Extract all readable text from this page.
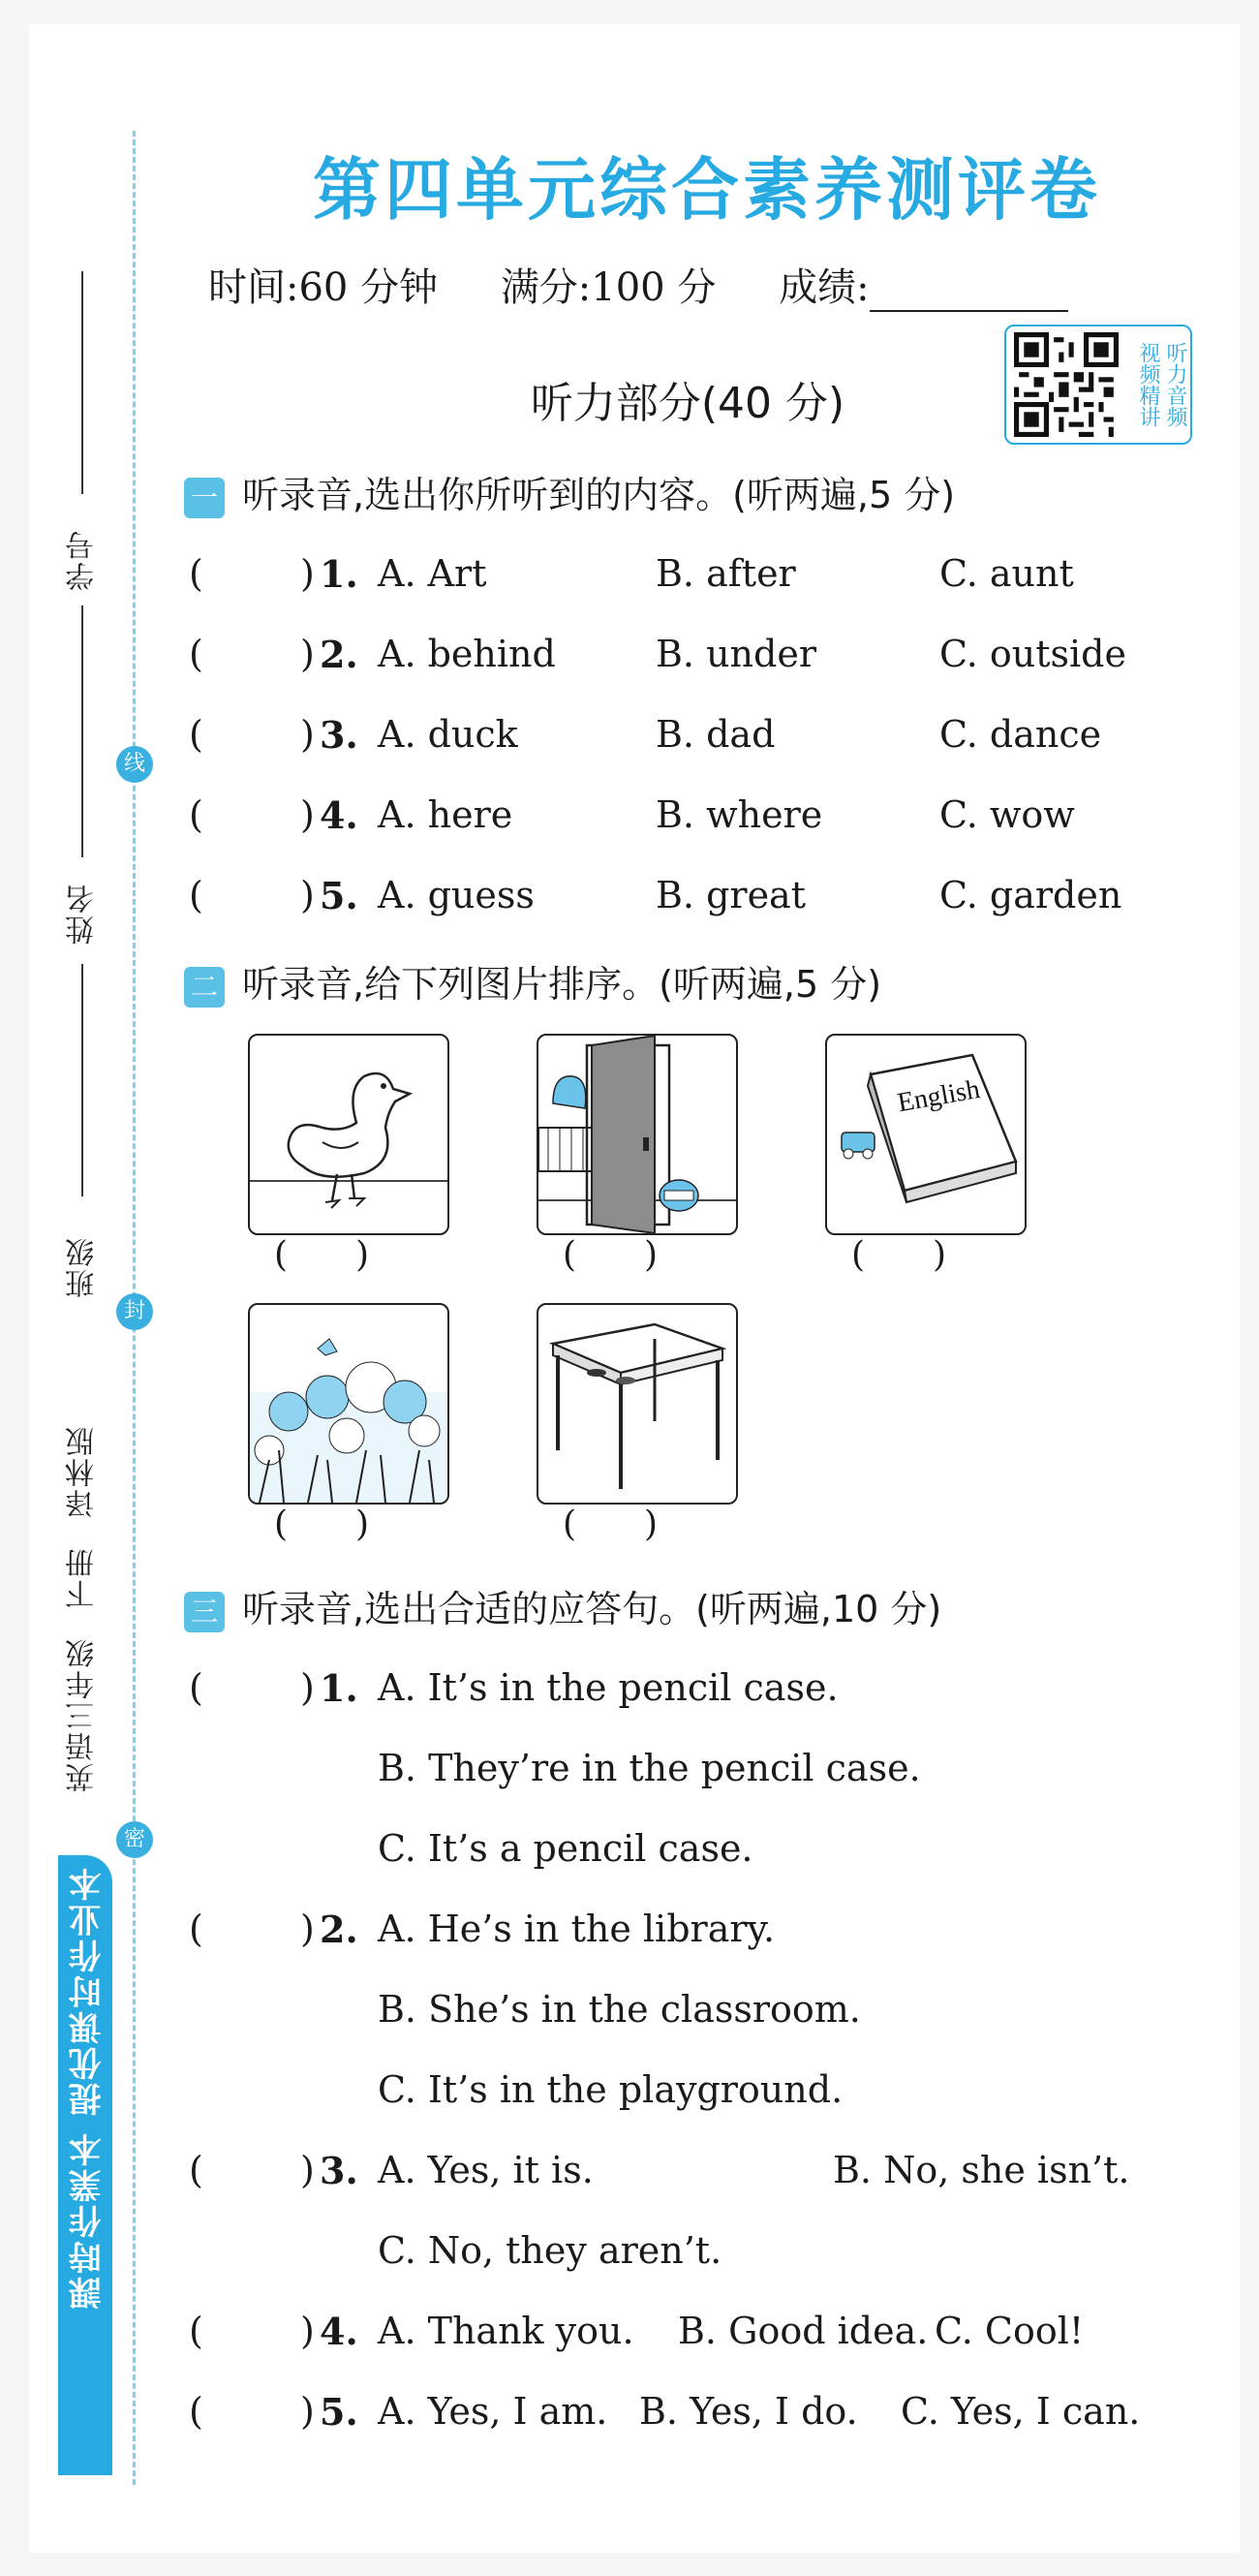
学号
姓名
班级
线
封
密
英语三年级 下册 译林版
課時作業本 提优课时作业本
第四单元综合素养测评卷
时间:60 分钟 满分:100 分 成绩:
听力音频 视频精讲
听力部分(40 分)
一 听录音,选出你所听到的内容。(听两遍,5 分)
(	) 1. A. Art	B. after	C. aunt
(	) 2. A. behind	B. under	C. outside
(	) 3. A. duck	B. dad	C. dance
(	) 4. A. here	B. where	C. wow
(	) 5. A. guess	B. great	C. garden
二 听录音,给下列图片排序。(听两遍,5 分)
()	()
English
()
()	()
三 听录音,选出合适的应答句。(听两遍,10 分)
(	) 1. A. It’s in the pencil case.
B. They’re in the pencil case.
C. It’s a pencil case.
(	) 2. A. He’s in the library.
B. She’s in the classroom.
C. It’s in the playground.
(	) 3. A. Yes, it is.	B. No, she isn’t.
C. No, they aren’t.
(	) 4. A. Thank you. B. Good idea. C. Cool!
(	) 5. A. Yes, I am. B. Yes, I do. C. Yes, I can.
